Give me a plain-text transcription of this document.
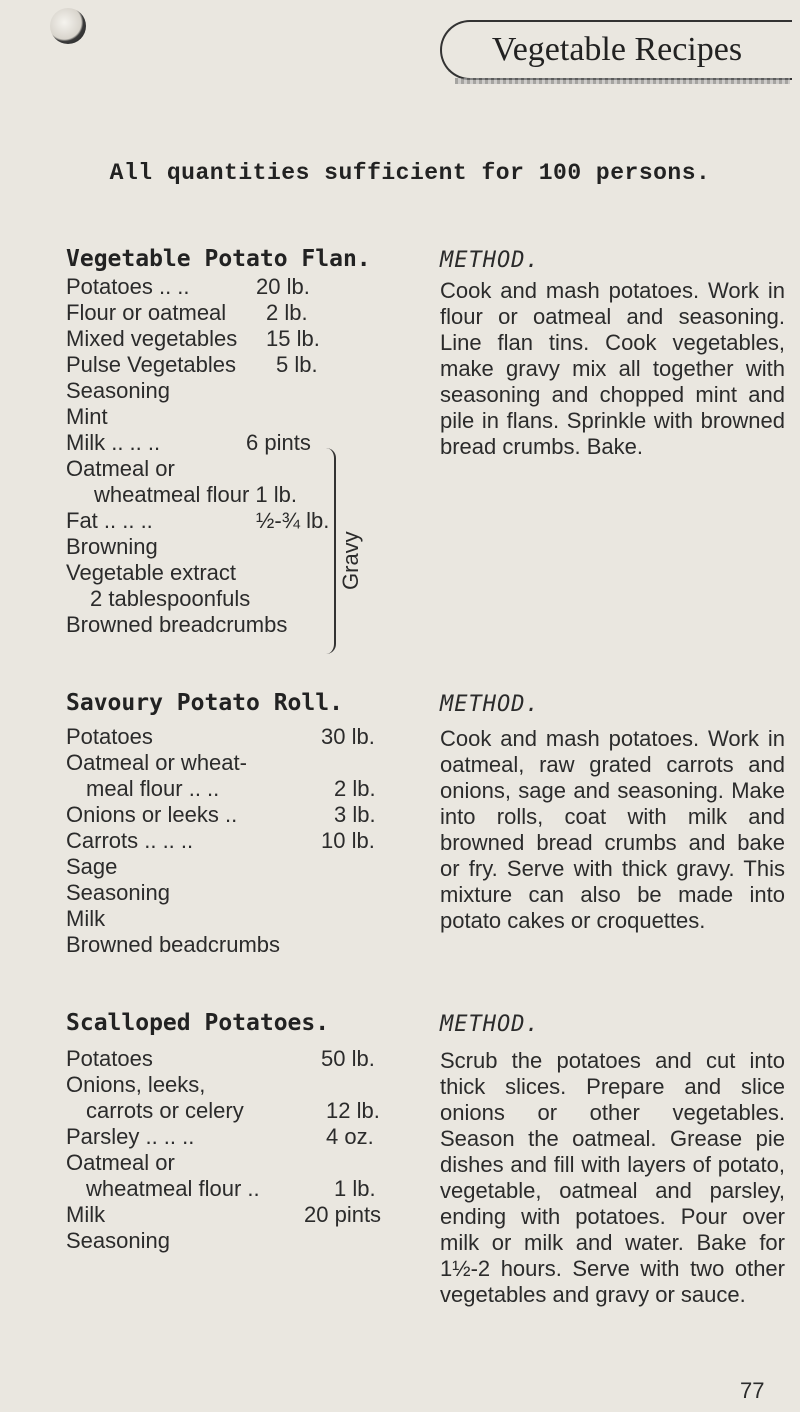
Vegetable Recipes
All quantities sufficient for 100 persons.
Vegetable Potato Flan.
Potatoes .. ..	20 lb.
Flour or oatmeal 2 lb.
Mixed vegetables 15 lb.
Pulse Vegetables 5 lb.
Seasoning
Mint
Milk .. .. ..	6 pints
Oatmeal or
wheatmeal flour 1 lb.
Fat .. .. ..	½-¾ lb.
Browning
Vegetable extract
2 tablespoonfuls
Browned breadcrumbs
Gravy
METHOD.
Cook and mash potatoes. Work in flour or oatmeal and seasoning. Line flan tins. Cook vegetables, make gravy mix all together with seasoning and chopped mint and pile in flans. Sprinkle with browned bread crumbs. Bake.
Savoury Potato Roll.
Potatoes	30 lb.
Oatmeal or wheat-
meal flour .. ..	2 lb.
Onions or leeks ..	3 lb.
Carrots .. .. ..	10 lb.
Sage
Seasoning
Milk
Browned beadcrumbs
METHOD.
Cook and mash potatoes. Work in oatmeal, raw grated carrots and onions, sage and seasoning. Make into rolls, coat with milk and browned bread crumbs and bake or fry. Serve with thick gravy. This mixture can also be made into potato cakes or croquettes.
Scalloped Potatoes.
Potatoes	50 lb.
Onions, leeks,
carrots or celery	12 lb.
Parsley .. .. ..	4 oz.
Oatmeal or
wheatmeal flour ..	1 lb.
Milk	20 pints
Seasoning
METHOD.
Scrub the potatoes and cut into thick slices. Prepare and slice onions or other vegetables. Season the oatmeal. Grease pie dishes and fill with layers of potato, vegetable, oatmeal and parsley, ending with potatoes. Pour over milk or milk and water. Bake for 1½-2 hours. Serve with two other vegetables and gravy or sauce.
77
